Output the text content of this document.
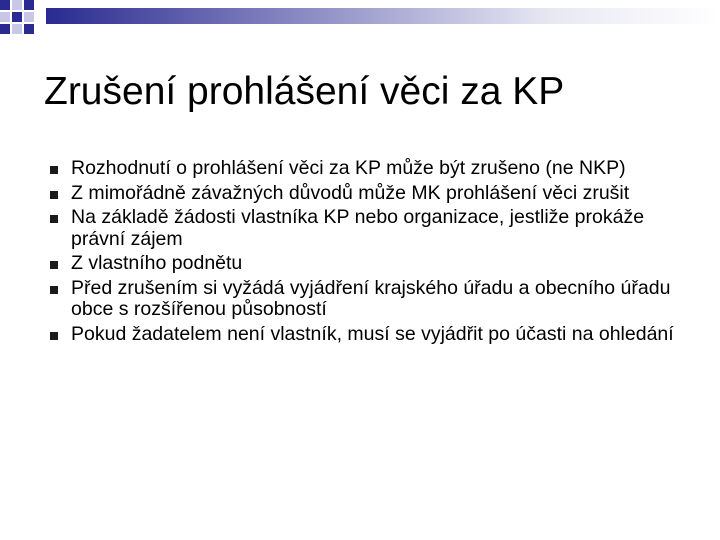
Zrušení prohlášení věci za KP
Rozhodnutí o prohlášení věci za KP může být zrušeno (ne NKP)
Z mimořádně závažných důvodů může MK prohlášení věci zrušit
Na základě žádosti vlastníka KP nebo organizace, jestliže prokáže právní zájem
Z vlastního podnětu
Před zrušením si vyžádá vyjádření krajského úřadu a obecního úřadu obce s rozšířenou působností
Pokud žadatelem není vlastník, musí se vyjádřit po účasti na ohledání
